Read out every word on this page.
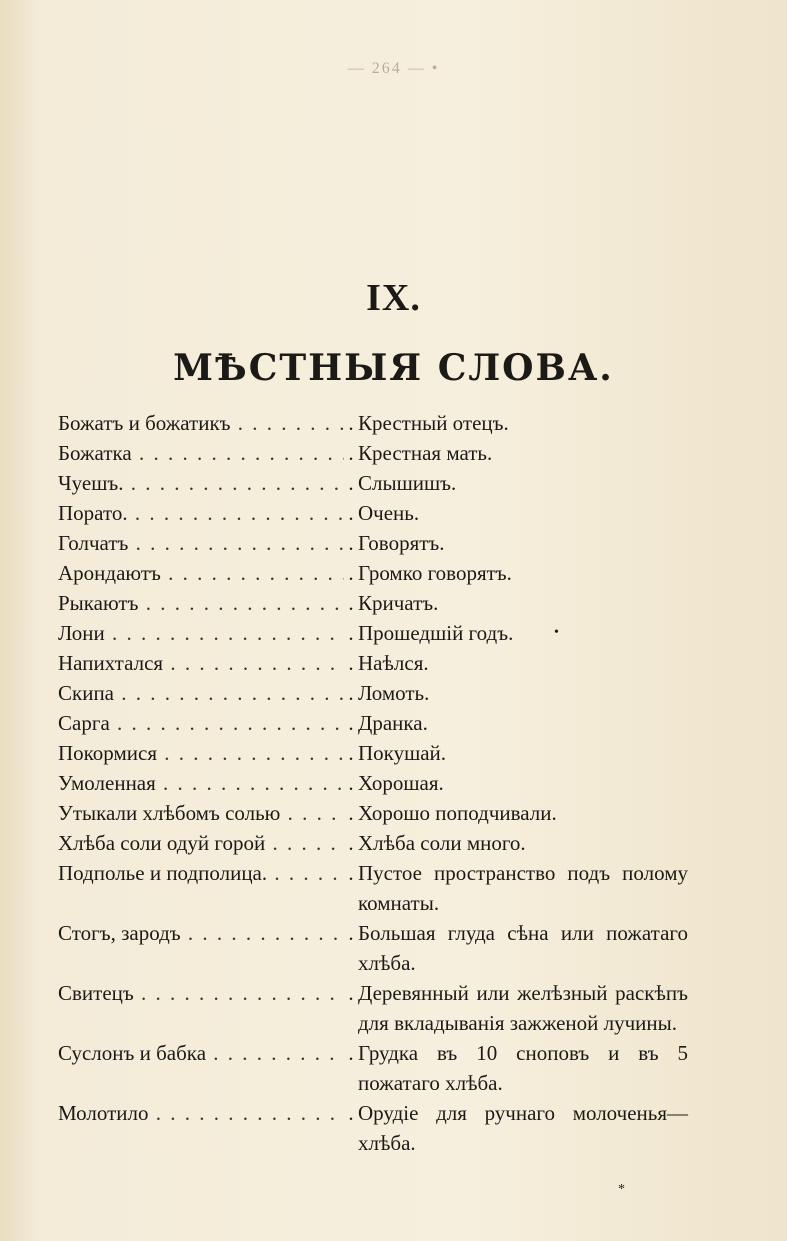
— 264 — •
IX.
МѢСТНЫЯ СЛОВА.
Божатъ и божатикъ . . .	. Крестный отецъ.
Божатка . . .	. Крестная мать.
Чуешъ. . . .	. Слышишъ.
Порато. . . .	. Очень.
Голчатъ . . .	. Говорятъ.
Арондаютъ . . .	. Громко говорятъ.
Рыкаютъ . . .	. Кричатъ.
Лони . . .	. Прошедшій годъ.
Напихтался . . .	. Наѣлся.
Скипа . . .	. Ломоть.
Сарга . . .	. Дранка.
Покормися . . .	. Покушай.
Умоленная . . .	. Хорошая.
Утыкали хлѣбомъ солью . . .	. Хорошо поподчивали.
Хлѣба соли одуй горой . . .	. Хлѣба соли много.
Подполье и подполица. . . .	. Пустое пространство подъ полому комнаты.
Стогъ, зародъ . . .	. Большая глуда сѣна или пожатаго хлѣба.
Свитецъ . . .	. Деревянный или желѣзный раскѣпъ для вкладыванія зажженой лучины.
Суслонъ и бабка . . .	. Грудка въ 10 сноповъ и въ 5 пожатаго хлѣба.
Молотило . . .	. Орудіе для ручнаго молоченья—хлѣба.
•
*
